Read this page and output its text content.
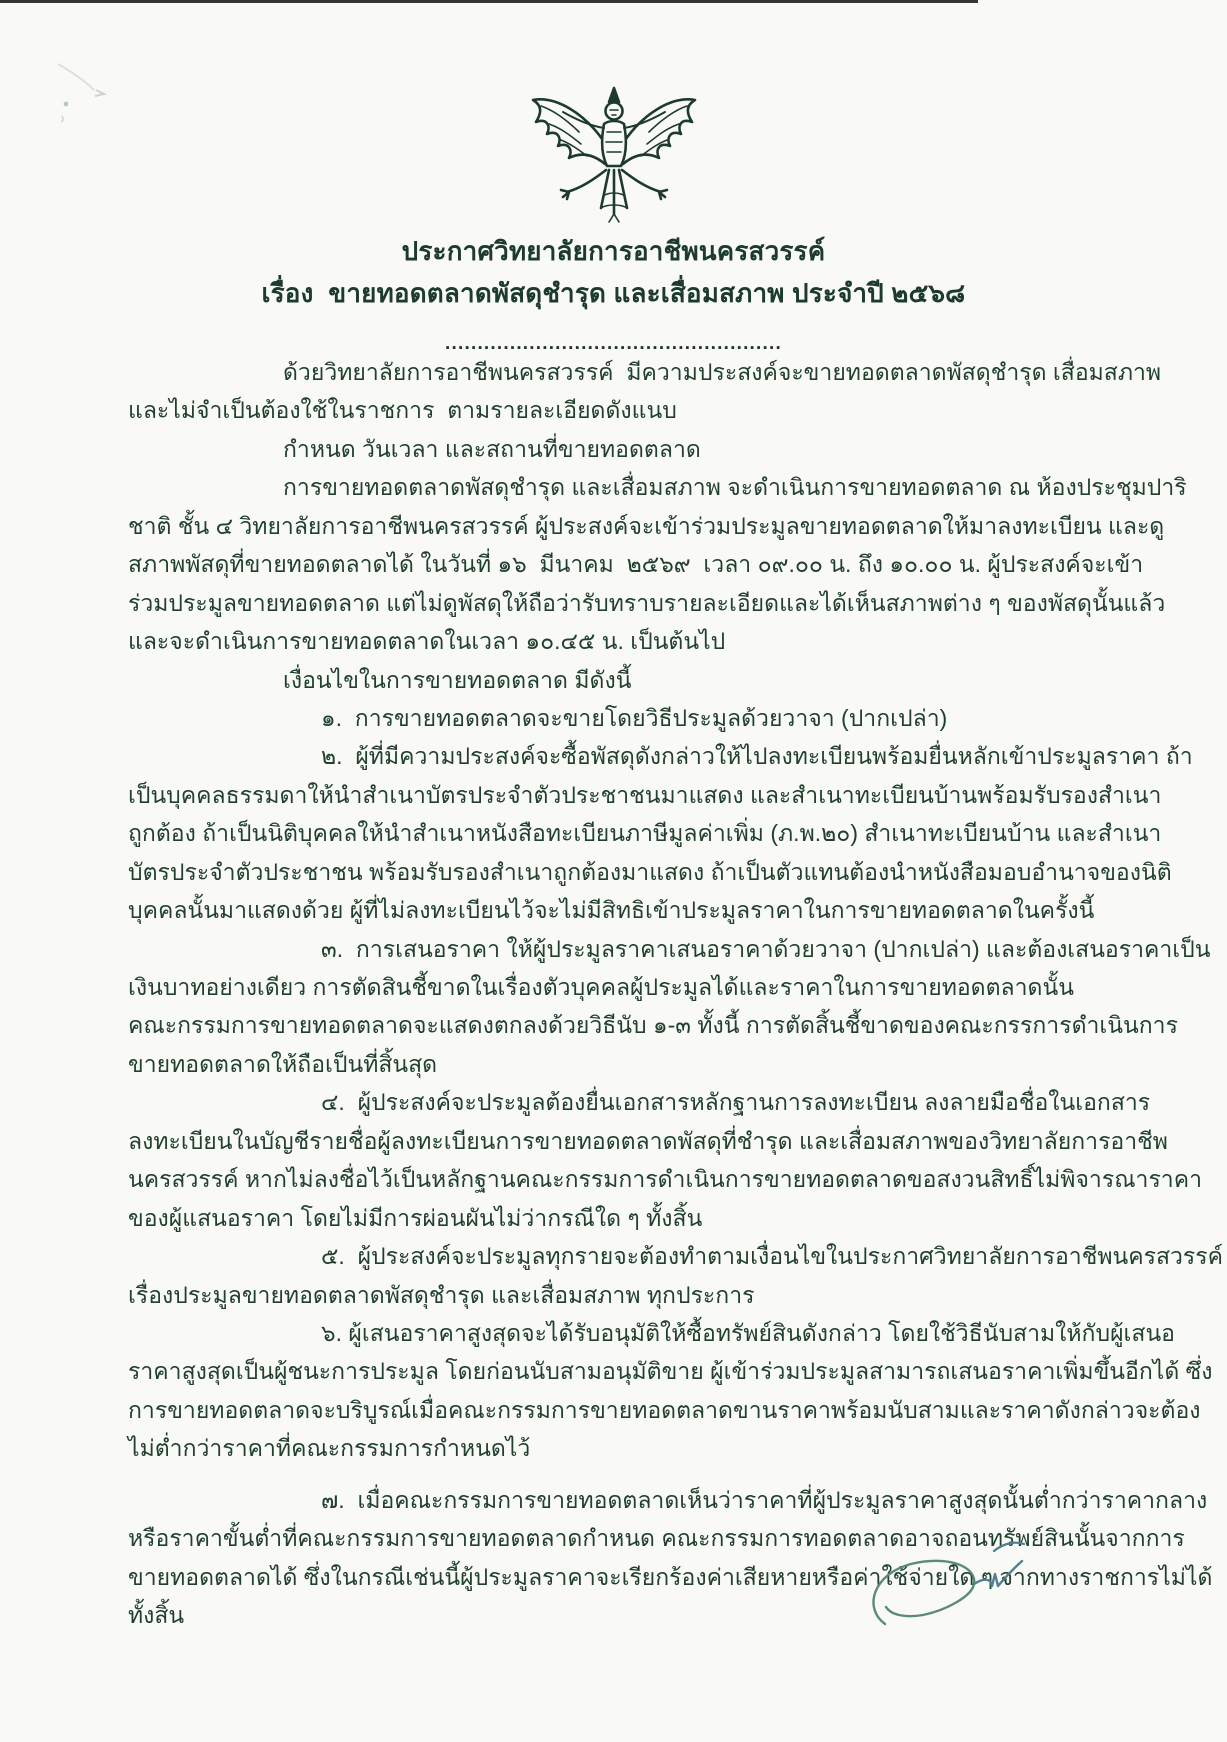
ประกาศวิทยาลัยการอาชีพนครสวรรค์
เรื่อง  ขายทอดตลาดพัสดุชำรุด และเสื่อมสภาพ ประจำปี ๒๕๖๘
....................................................
ด้วยวิทยาลัยการอาชีพนครสวรรค์  มีความประสงค์จะขายทอดตลาดพัสดุชำรุด เสื่อมสภาพ
และไม่จำเป็นต้องใช้ในราชการ  ตามรายละเอียดดังแนบ
กำหนด วันเวลา และสถานที่ขายทอดตลาด
การขายทอดตลาดพัสดุชำรุด และเสื่อมสภาพ จะดำเนินการขายทอดตลาด ณ ห้องประชุมปาริ
ชาติ ชั้น ๔ วิทยาลัยการอาชีพนครสวรรค์ ผู้ประสงค์จะเข้าร่วมประมูลขายทอดตลาดให้มาลงทะเบียน และดู
สภาพพัสดุที่ขายทอดตลาดได้ ในวันที่ ๑๖  มีนาคม  ๒๕๖๙  เวลา ๐๙.๐๐ น. ถึง ๑๐.๐๐ น. ผู้ประสงค์จะเข้า
ร่วมประมูลขายทอดตลาด แต่ไม่ดูพัสดุให้ถือว่ารับทราบรายละเอียดและได้เห็นสภาพต่าง ๆ ของพัสดุนั้นแล้ว
และจะดำเนินการขายทอดตลาดในเวลา ๑๐.๔๕ น. เป็นต้นไป
เงื่อนไขในการขายทอดตลาด มีดังนี้
๑.  การขายทอดตลาดจะขายโดยวิธีประมูลด้วยวาจา (ปากเปล่า)
๒.  ผู้ที่มีความประสงค์จะซื้อพัสดุดังกล่าวให้ไปลงทะเบียนพร้อมยื่นหลักเข้าประมูลราคา ถ้า
เป็นบุคคลธรรมดาให้นำสำเนาบัตรประจำตัวประชาชนมาแสดง และสำเนาทะเบียนบ้านพร้อมรับรองสำเนา
ถูกต้อง ถ้าเป็นนิติบุคคลให้นำสำเนาหนังสือทะเบียนภาษีมูลค่าเพิ่ม (ภ.พ.๒๐) สำเนาทะเบียนบ้าน และสำเนา
บัตรประจำตัวประชาชน พร้อมรับรองสำเนาถูกต้องมาแสดง ถ้าเป็นตัวแทนต้องนำหนังสือมอบอำนาจของนิติ
บุคคลนั้นมาแสดงด้วย ผู้ที่ไม่ลงทะเบียนไว้จะไม่มีสิทธิเข้าประมูลราคาในการขายทอดตลาดในครั้งนี้
๓.  การเสนอราคา ให้ผู้ประมูลราคาเสนอราคาด้วยวาจา (ปากเปล่า) และต้องเสนอราคาเป็น
เงินบาทอย่างเดียว การตัดสินชี้ขาดในเรื่องตัวบุคคลผู้ประมูลได้และราคาในการขายทอดตลาดนั้น
คณะกรรมการขายทอดตลาดจะแสดงตกลงด้วยวิธีนับ ๑-๓ ทั้งนี้ การตัดสิ้นชี้ขาดของคณะกรรการดำเนินการ
ขายทอดตลาดให้ถือเป็นที่สิ้นสุด
๔.  ผู้ประสงค์จะประมูลต้องยื่นเอกสารหลักฐานการลงทะเบียน ลงลายมือชื่อในเอกสาร
ลงทะเบียนในบัญชีรายชื่อผู้ลงทะเบียนการขายทอดตลาดพัสดุที่ชำรุด และเสื่อมสภาพของวิทยาลัยการอาชีพ
นครสวรรค์ หากไม่ลงชื่อไว้เป็นหลักฐานคณะกรรมการดำเนินการขายทอดตลาดขอสงวนสิทธิ์ไม่พิจารณาราคา
ของผู้แสนอราคา โดยไม่มีการผ่อนผันไม่ว่ากรณีใด ๆ ทั้งสิ้น
๕.  ผู้ประสงค์จะประมูลทุกรายจะต้องทำตามเงื่อนไขในประกาศวิทยาลัยการอาชีพนครสวรรค์
เรื่องประมูลขายทอดตลาดพัสดุชำรุด และเสื่อมสภาพ ทุกประการ
๖. ผู้เสนอราคาสูงสุดจะได้รับอนุมัติให้ซื้อทรัพย์สินดังกล่าว โดยใช้วิธีนับสามให้กับผู้เสนอ
ราคาสูงสุดเป็นผู้ชนะการประมูล โดยก่อนนับสามอนุมัติขาย ผู้เข้าร่วมประมูลสามารถเสนอราคาเพิ่มขึ้นอีกได้ ซึ่ง
การขายทอดตลาดจะบริบูรณ์เมื่อคณะกรรมการขายทอดตลาดขานราคาพร้อมนับสามและราคาดังกล่าวจะต้อง
ไม่ต่ำกว่าราคาที่คณะกรรมการกำหนดไว้
๗.  เมื่อคณะกรรมการขายทอดตลาดเห็นว่าราคาที่ผู้ประมูลราคาสูงสุดนั้นต่ำกว่าราคากลาง
หรือราคาขั้นต่ำที่คณะกรรมการขายทอดตลาดกำหนด คณะกรรมการทอดตลาดอาจถอนทรัพย์สินนั้นจากการ
ขายทอดตลาดได้ ซึ่งในกรณีเช่นนี้ผู้ประมูลราคาจะเรียกร้องค่าเสียหายหรือค่าใช้จ่ายใด ๆ จากทางราชการไม่ได้
ทั้งสิ้น
